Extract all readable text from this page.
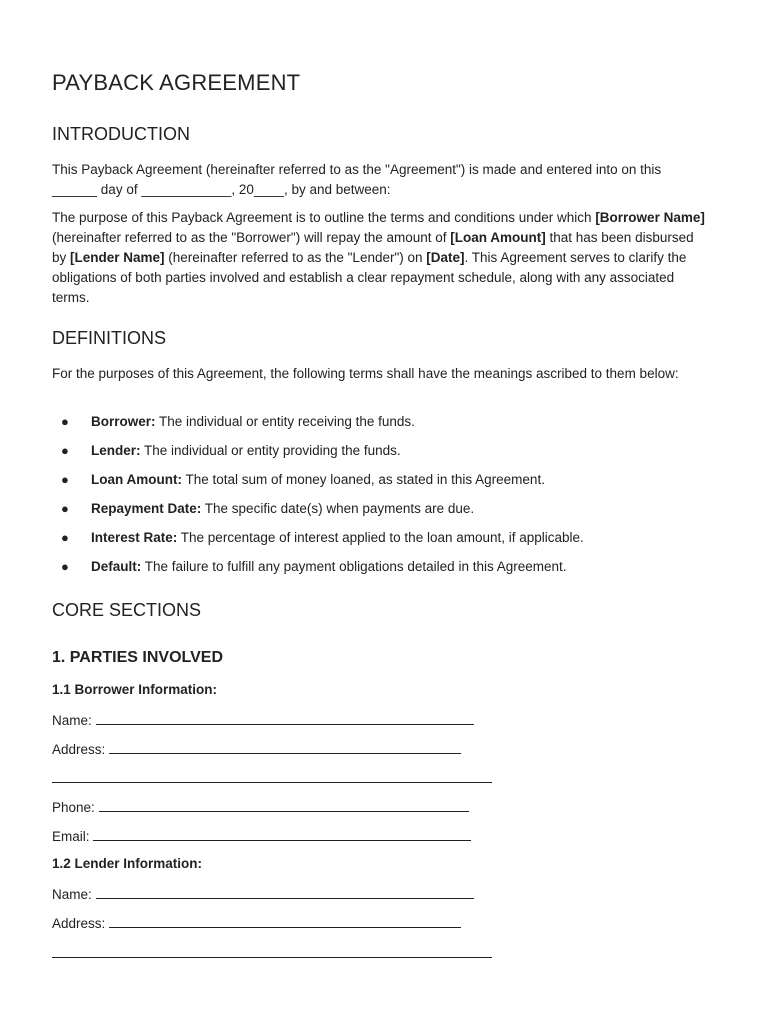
PAYBACK AGREEMENT
INTRODUCTION

This Payback Agreement (hereinafter referred to as the "Agreement") is made and entered into on this ______ day of ____________, 20____, by and between:

The purpose of this Payback Agreement is to outline the terms and conditions under which [Borrower Name] (hereinafter referred to as the "Borrower") will repay the amount of [Loan Amount] that has been disbursed by [Lender Name] (hereinafter referred to as the "Lender") on [Date]. This Agreement serves to clarify the obligations of both parties involved and establish a clear repayment schedule, along with any associated terms.

DEFINITIONS

For the purposes of this Agreement, the following terms shall have the meanings ascribed to them below:

● Borrower: The individual or entity receiving the funds.
● Lender: The individual or entity providing the funds.
● Loan Amount: The total sum of money loaned, as stated in this Agreement.
● Repayment Date: The specific date(s) when payments are due.
● Interest Rate: The percentage of interest applied to the loan amount, if applicable.
● Default: The failure to fulfill any payment obligations detailed in this Agreement.
CORE SECTIONS
1. PARTIES INVOLVED
1.1 Borrower Information:
Name:
Address:
Phone:
Email:
1.2 Lender Information:
Name:
Address:
